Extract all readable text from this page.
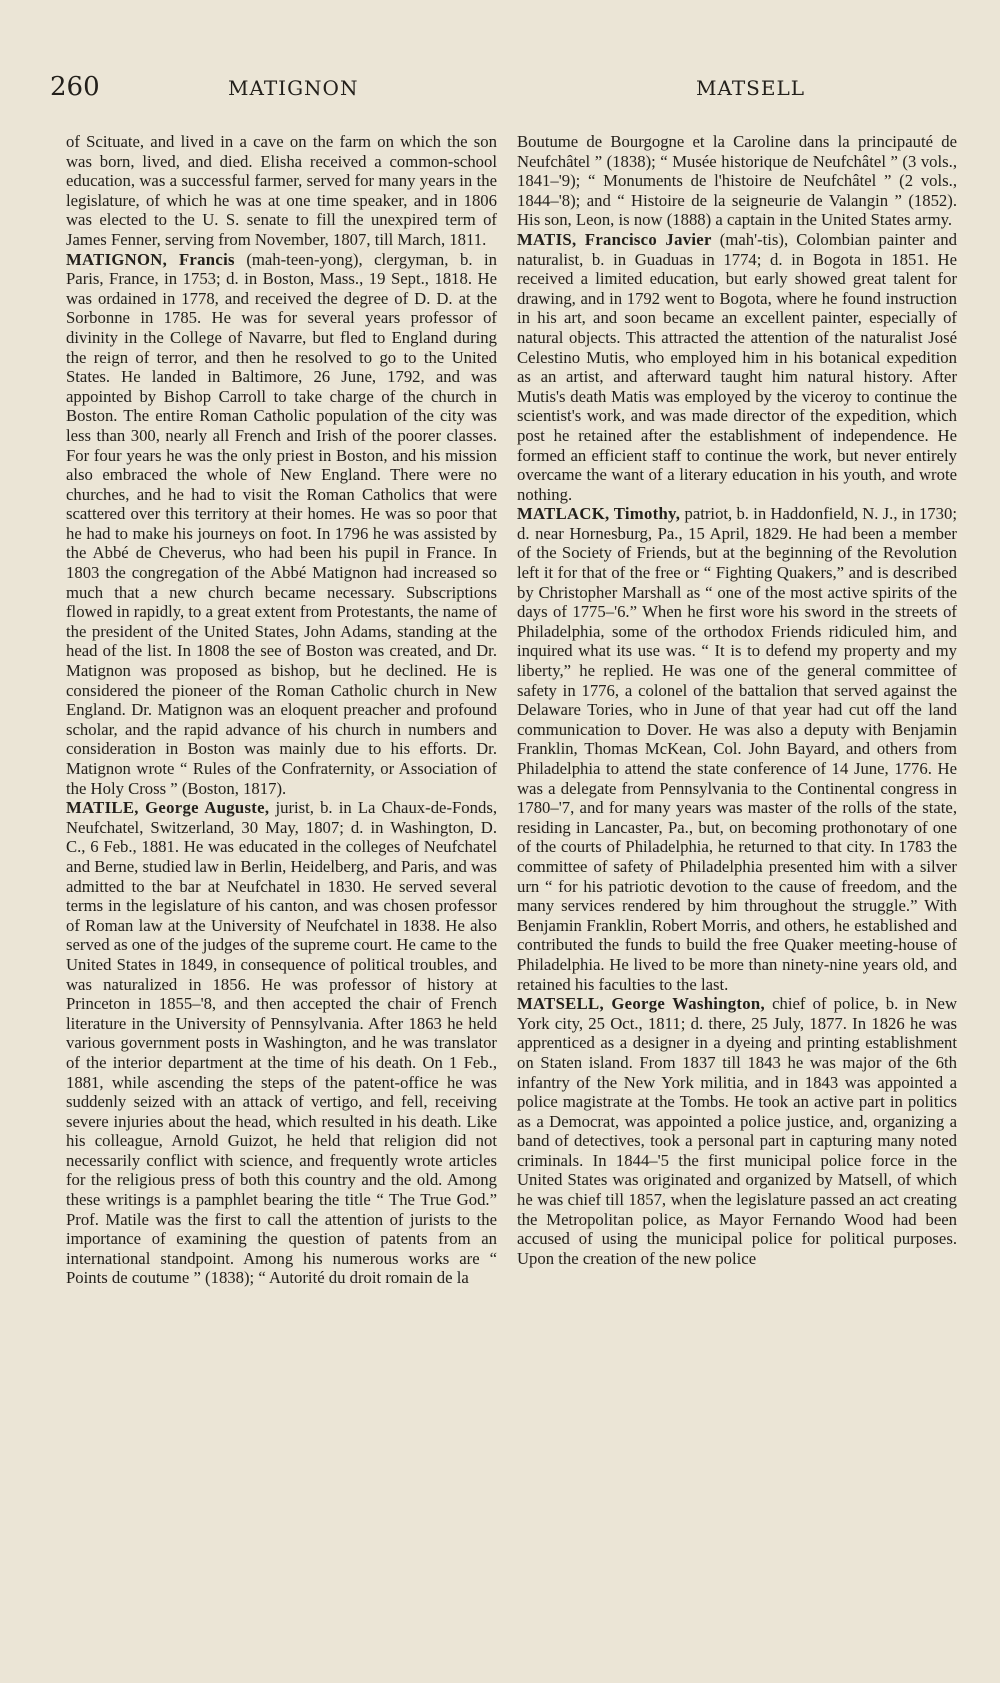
260	MATIGNON	MATSELL

of Scituate, and lived in a cave on the farm on which the son was born, lived, and died. Elisha received a common-school education, was a successful farmer, served for many years in the legislature, of which he was at one time speaker, and in 1806 was elected to the U. S. senate to fill the unexpired term of James Fenner, serving from November, 1807, till March, 1811.

MATIGNON, Francis (mah-teen-yong), clergyman, b. in Paris, France, in 1753; d. in Boston, Mass., 19 Sept., 1818. He was ordained in 1778, and received the degree of D. D. at the Sorbonne in 1785. He was for several years professor of divinity in the College of Navarre, but fled to England during the reign of terror, and then he resolved to go to the United States. He landed in Baltimore, 26 June, 1792, and was appointed by Bishop Carroll to take charge of the church in Boston. The entire Roman Catholic population of the city was less than 300, nearly all French and Irish of the poorer classes. For four years he was the only priest in Boston, and his mission also embraced the whole of New England. There were no churches, and he had to visit the Roman Catholics that were scattered over this territory at their homes. He was so poor that he had to make his journeys on foot. In 1796 he was assisted by the Abbé de Cheverus, who had been his pupil in France. In 1803 the congregation of the Abbé Matignon had increased so much that a new church became necessary. Subscriptions flowed in rapidly, to a great extent from Protestants, the name of the president of the United States, John Adams, standing at the head of the list. In 1808 the see of Boston was created, and Dr. Matignon was proposed as bishop, but he declined. He is considered the pioneer of the Roman Catholic church in New England. Dr. Matignon was an eloquent preacher and profound scholar, and the rapid advance of his church in numbers and consideration in Boston was mainly due to his efforts. Dr. Matignon wrote “ Rules of the Confraternity, or Association of the Holy Cross ” (Boston, 1817).

MATILE, George Auguste, jurist, b. in La Chaux-de-Fonds, Neufchatel, Switzerland, 30 May, 1807; d. in Washington, D. C., 6 Feb., 1881. He was educated in the colleges of Neufchatel and Berne, studied law in Berlin, Heidelberg, and Paris, and was admitted to the bar at Neufchatel in 1830. He served several terms in the legislature of his canton, and was chosen professor of Roman law at the University of Neufchatel in 1838. He also served as one of the judges of the supreme court. He came to the United States in 1849, in consequence of political troubles, and was naturalized in 1856. He was professor of history at Princeton in 1855–'8, and then accepted the chair of French literature in the University of Pennsylvania. After 1863 he held various government posts in Washington, and he was translator of the interior department at the time of his death. On 1 Feb., 1881, while ascending the steps of the patent-office he was suddenly seized with an attack of vertigo, and fell, receiving severe injuries about the head, which resulted in his death. Like his colleague, Arnold Guizot, he held that religion did not necessarily conflict with science, and frequently wrote articles for the religious press of both this country and the old. Among these writings is a pamphlet bearing the title “ The True God.” Prof. Matile was the first to call the attention of jurists to the importance of examining the question of patents from an international standpoint. Among his numerous works are “ Points de coutume ” (1838); “ Autorité du droit romain de la

Boutume de Bourgogne et la Caroline dans la principauté de Neufchâtel ” (1838); “ Musée historique de Neufchâtel ” (3 vols., 1841–'9); “ Monuments de l'histoire de Neufchâtel ” (2 vols., 1844–'8); and “ Histoire de la seigneurie de Valangin ” (1852). His son, Leon, is now (1888) a captain in the United States army.

MATIS, Francisco Javier (mah'-tis), Colombian painter and naturalist, b. in Guaduas in 1774; d. in Bogota in 1851. He received a limited education, but early showed great talent for drawing, and in 1792 went to Bogota, where he found instruction in his art, and soon became an excellent painter, especially of natural objects. This attracted the attention of the naturalist José Celestino Mutis, who employed him in his botanical expedition as an artist, and afterward taught him natural history. After Mutis's death Matis was employed by the viceroy to continue the scientist's work, and was made director of the expedition, which post he retained after the establishment of independence. He formed an efficient staff to continue the work, but never entirely overcame the want of a literary education in his youth, and wrote nothing.

MATLACK, Timothy, patriot, b. in Haddonfield, N. J., in 1730; d. near Hornesburg, Pa., 15 April, 1829. He had been a member of the Society of Friends, but at the beginning of the Revolution left it for that of the free or “ Fighting Quakers,” and is described by Christopher Marshall as “ one of the most active spirits of the days of 1775–'6.” When he first wore his sword in the streets of Philadelphia, some of the orthodox Friends ridiculed him, and inquired what its use was. “ It is to defend my property and my liberty,” he replied. He was one of the general committee of safety in 1776, a colonel of the battalion that served against the Delaware Tories, who in June of that year had cut off the land communication to Dover. He was also a deputy with Benjamin Franklin, Thomas McKean, Col. John Bayard, and others from Philadelphia to attend the state conference of 14 June, 1776. He was a delegate from Pennsylvania to the Continental congress in 1780–'7, and for many years was master of the rolls of the state, residing in Lancaster, Pa., but, on becoming prothonotary of one of the courts of Philadelphia, he returned to that city. In 1783 the committee of safety of Philadelphia presented him with a silver urn “ for his patriotic devotion to the cause of freedom, and the many services rendered by him throughout the struggle.” With Benjamin Franklin, Robert Morris, and others, he established and contributed the funds to build the free Quaker meeting-house of Philadelphia. He lived to be more than ninety-nine years old, and retained his faculties to the last.

MATSELL, George Washington, chief of police, b. in New York city, 25 Oct., 1811; d. there, 25 July, 1877. In 1826 he was apprenticed as a designer in a dyeing and printing establishment on Staten island. From 1837 till 1843 he was major of the 6th infantry of the New York militia, and in 1843 was appointed a police magistrate at the Tombs. He took an active part in politics as a Democrat, was appointed a police justice, and, organizing a band of detectives, took a personal part in capturing many noted criminals. In 1844–'5 the first municipal police force in the United States was originated and organized by Matsell, of which he was chief till 1857, when the legislature passed an act creating the Metropolitan police, as Mayor Fernando Wood had been accused of using the municipal police for political purposes. Upon the creation of the new police
